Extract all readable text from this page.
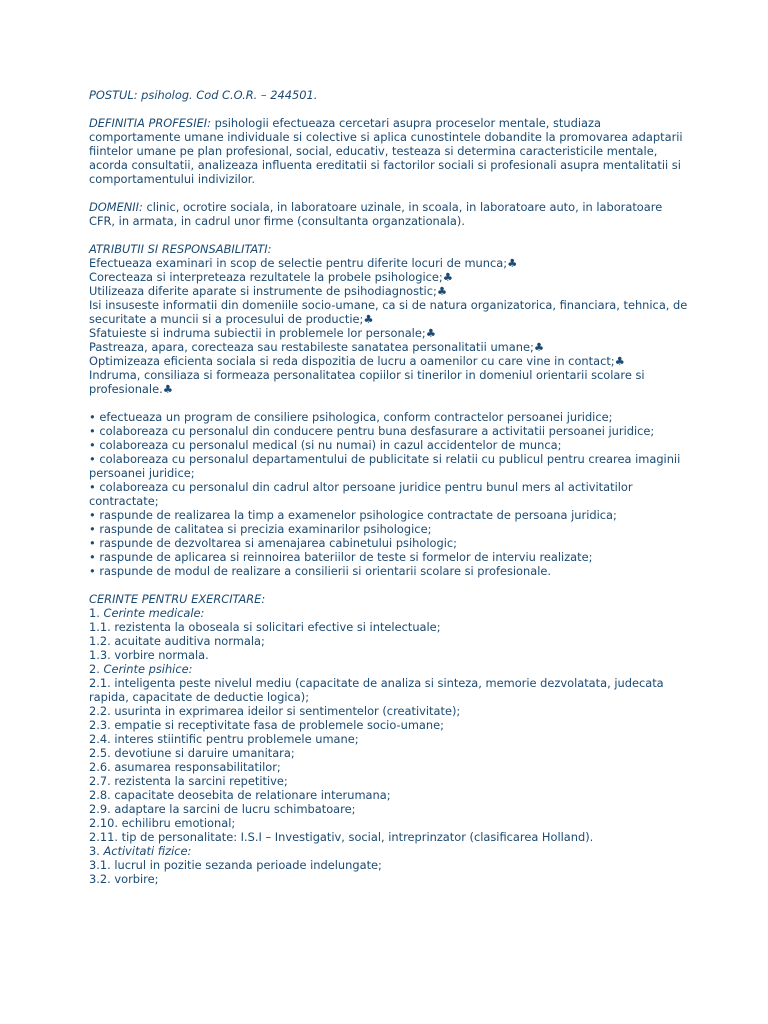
POSTUL: psiholog. Cod C.O.R. – 244501.

DEFINITIA PROFESIEI: psihologii efectueaza cercetari asupra proceselor mentale, studiaza comportamente umane individuale si colective si aplica cunostintele dobandite la promovarea adaptarii fiintelor umane pe plan profesional, social, educativ, testeaza si determina caracteristicile mentale, acorda consultatii, analizeaza influenta ereditatii si factorilor sociali si profesionali asupra mentalitatii si comportamentului indivizilor.

DOMENII: clinic, ocrotire sociala, in laboratoare uzinale, in scoala, in laboratoare auto, in laboratoare CFR, in armata, in cadrul unor firme (consultanta organzationala).

ATRIBUTII SI RESPONSABILITATI:

Efectueaza examinari in scop de selectie pentru diferite locuri de munca;♣
Corecteaza si interpreteaza rezultatele la probele psihologice;♣
Utilizeaza diferite aparate si instrumente de psihodiagnostic;♣
Isi insuseste informatii din domeniile socio-umane, ca si de natura organizatorica, financiara, tehnica, de securitate a muncii si a procesului de productie;♣
Sfatuieste si indruma subiectii in problemele lor personale;♣
Pastreaza, apara, corecteaza sau restabileste sanatatea personalitatii umane;♣
Optimizeaza eficienta sociala si reda dispozitia de lucru a oamenilor cu care vine in contact;♣
Indruma, consiliaza si formeaza personalitatea copiilor si tinerilor in domeniul orientarii scolare si profesionale.♣
• efectueaza un program de consiliere psihologica, conform contractelor persoanei juridice;
• colaboreaza cu personalul din conducere pentru buna desfasurare a activitatii persoanei juridice;
• colaboreaza cu personalul medical (si nu numai) in cazul accidentelor de munca;
• colaboreaza cu personalul departamentului de publicitate si relatii cu publicul pentru crearea imaginii persoanei juridice;
• colaboreaza cu personalul din cadrul altor persoane juridice pentru bunul mers al activitatilor contractate;
• raspunde de realizarea la timp a examenelor psihologice contractate de persoana juridica;
• raspunde de calitatea si precizia examinarilor psihologice;
• raspunde de dezvoltarea si amenajarea cabinetului psihologic;
• raspunde de aplicarea si reinnoirea bateriilor de teste si formelor de interviu realizate;
• raspunde de modul de realizare a consilierii si orientarii scolare si profesionale.

CERINTE PENTRU EXERCITARE:

1. Cerinte medicale:
1.1. rezistenta la oboseala si solicitari efective si intelectuale;
1.2. acuitate auditiva normala;
1.3. vorbire normala.
2. Cerinte psihice:
2.1. inteligenta peste nivelul mediu (capacitate de analiza si sinteza, memorie dezvolatata, judecata rapida, capacitate de deductie logica);
2.2. usurinta in exprimarea ideilor si sentimentelor (creativitate);
2.3. empatie si receptivitate fasa de problemele socio-umane;
2.4. interes stiintific pentru problemele umane;
2.5. devotiune si daruire umanitara;
2.6. asumarea responsabilitatilor;
2.7. rezistenta la sarcini repetitive;
2.8. capacitate deosebita de relationare interumana;
2.9. adaptare la sarcini de lucru schimbatoare;
2.10. echilibru emotional;
2.11. tip de personalitate: I.S.I – Investigativ, social, intreprinzator (clasificarea Holland).
3. Activitati fizice:
3.1. lucrul in pozitie sezanda perioade indelungate;
3.2. vorbire;
